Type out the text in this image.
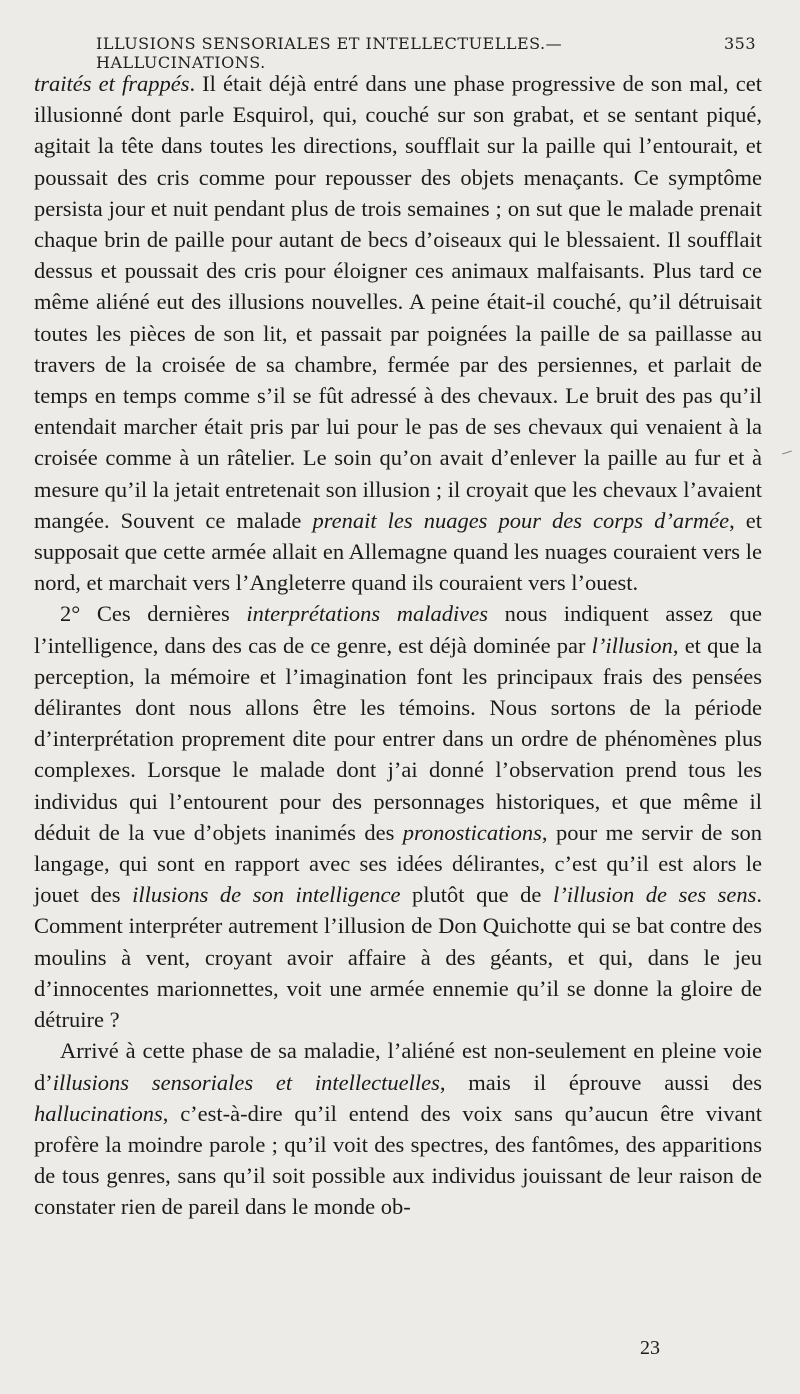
ILLUSIONS SENSORIALES ET INTELLECTUELLES.— HALLUCINATIONS.
353

traités et frappés. Il était déjà entré dans une phase progressive de son mal, cet illusionné dont parle Esquirol, qui, couché sur son grabat, et se sentant piqué, agitait la tête dans toutes les directions, soufflait sur la paille qui l’entourait, et poussait des cris comme pour repousser des objets menaçants. Ce symptôme persista jour et nuit pendant plus de trois semaines ; on sut que le malade prenait chaque brin de paille pour autant de becs d’oiseaux qui le blessaient. Il soufflait dessus et poussait des cris pour éloigner ces animaux malfaisants. Plus tard ce même aliéné eut des illusions nouvelles. A peine était-il couché, qu’il détruisait toutes les pièces de son lit, et passait par poignées la paille de sa paillasse au travers de la croisée de sa chambre, fermée par des persiennes, et parlait de temps en temps comme s’il se fût adressé à des chevaux. Le bruit des pas qu’il entendait marcher était pris par lui pour le pas de ses chevaux qui venaient à la croisée comme à un râtelier. Le soin qu’on avait d’enlever la paille au fur et à mesure qu’il la jetait entretenait son illusion ; il croyait que les chevaux l’avaient mangée. Souvent ce malade prenait les nuages pour des corps d’armée, et supposait que cette armée allait en Allemagne quand les nuages couraient vers le nord, et marchait vers l’Angleterre quand ils couraient vers l’ouest.

2° Ces dernières interprétations maladives nous indiquent assez que l’intelligence, dans des cas de ce genre, est déjà dominée par l’illusion, et que la perception, la mémoire et l’imagination font les principaux frais des pensées délirantes dont nous allons être les témoins. Nous sortons de la période d’interprétation proprement dite pour entrer dans un ordre de phénomènes plus complexes. Lorsque le malade dont j’ai donné l’observation prend tous les individus qui l’entourent pour des personnages historiques, et que même il déduit de la vue d’objets inanimés des pronostications, pour me servir de son langage, qui sont en rapport avec ses idées délirantes, c’est qu’il est alors le jouet des illusions de son intelligence plutôt que de l’illusion de ses sens. Comment interpréter autrement l’illusion de Don Quichotte qui se bat contre des moulins à vent, croyant avoir affaire à des géants, et qui, dans le jeu d’innocentes marionnettes, voit une armée ennemie qu’il se donne la gloire de détruire ?

Arrivé à cette phase de sa maladie, l’aliéné est non-seulement en pleine voie d’illusions sensoriales et intellectuelles, mais il éprouve aussi des hallucinations, c’est-à-dire qu’il entend des voix sans qu’aucun être vivant profère la moindre parole ; qu’il voit des spectres, des fantômes, des apparitions de tous genres, sans qu’il soit possible aux individus jouissant de leur raison de constater rien de pareil dans le monde ob-

23
